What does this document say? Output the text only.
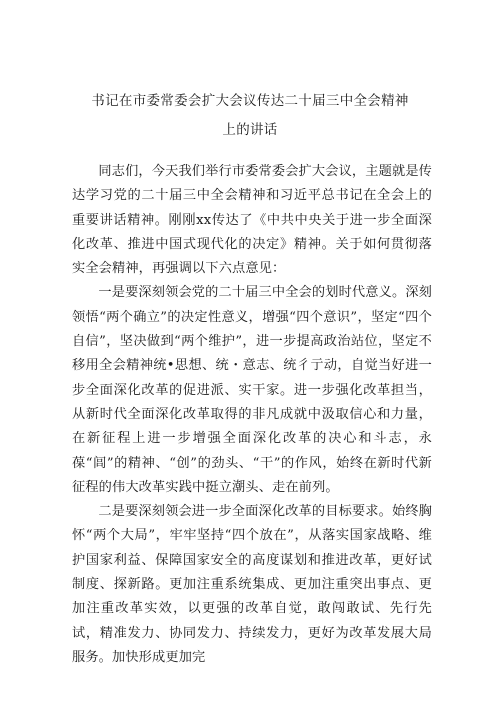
书记在市委常委会扩大会议传达二十届三中全会精神
上的讲话

同志们，今天我们举行市委常委会扩大会议，主题就是传达学习党的二十届三中全会精神和习近平总书记在全会上的重要讲话精神。刚刚xx传达了《中共中央关于进一步全面深化改革、推进中国式现代化的决定》精神。关于如何贯彻落实全会精神，再强调以下六点意见：

一是要深刻领会党的二十届三中全会的划时代意义。深刻领悟“两个确立”的决定性意义，增强“四个意识”，坚定“四个自信”，坚决做到“两个维护”，进一步提高政治站位，坚定不移用全会精神统•思想、统・意志、统彳亍动，自觉当好进一步全面深化改革的促进派、实干家。进一步强化改革担当，从新时代全面深化改革取得的非凡成就中汲取信心和力量，在新征程上进一步增强全面深化改革的决心和斗志，永葆“闾”的精神、“创”的劲头、“干”的作风，始终在新时代新征程的伟大改革实践中挺立潮头、走在前列。

二是要深刻领会进一步全面深化改革的目标要求。始终胸怀“两个大局”，牢牢坚持“四个放在”，从落实国家战略、维护国家利益、保障国家安全的高度谋划和推进改革，更好试制度、探新路。更加注重系统集成、更加注重突出事点、更加注重改革实效，以更强的改革自觉，敢闯敢试、先行先试，精准发力、协同发力、持续发力，更好为改革发展大局服务。加快形成更加完
